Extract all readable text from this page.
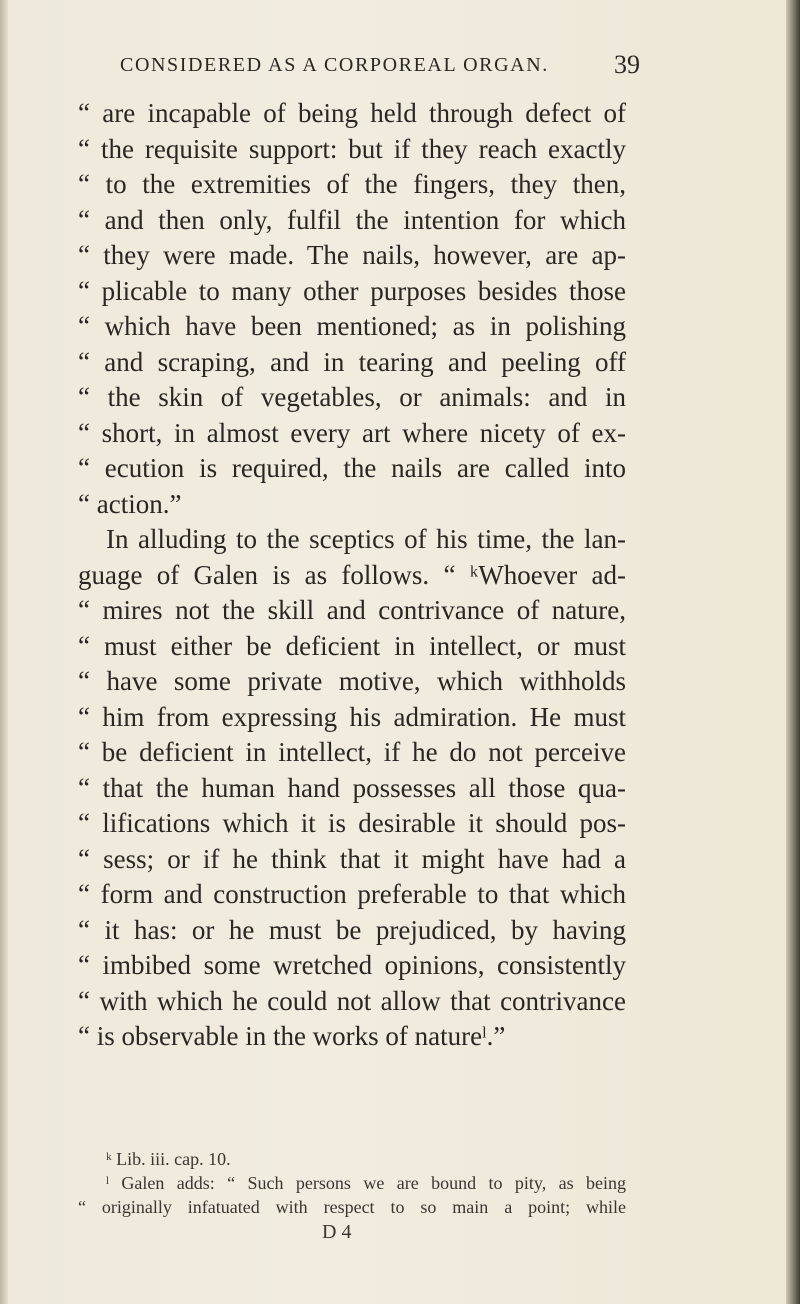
CONSIDERED AS A CORPOREAL ORGAN.	39
“ are incapable of being held through defect of
“ the requisite support: but if they reach exactly
“ to the extremities of the fingers, they then,
“ and then only, fulfil the intention for which
“ they were made. The nails, however, are ap-
“ plicable to many other purposes besides those
“ which have been mentioned; as in polishing
“ and scraping, and in tearing and peeling off
“ the skin of vegetables, or animals: and in
“ short, in almost every art where nicety of ex-
“ ecution is required, the nails are called into
“ action.”
In alluding to the sceptics of his time, the lan-
guage of Galen is as follows. “ ᵏWhoever ad-
“ mires not the skill and contrivance of nature,
“ must either be deficient in intellect, or must
“ have some private motive, which withholds
“ him from expressing his admiration. He must
“ be deficient in intellect, if he do not perceive
“ that the human hand possesses all those qua-
“ lifications which it is desirable it should pos-
“ sess; or if he think that it might have had a
“ form and construction preferable to that which
“ it has: or he must be prejudiced, by having
“ imbibed some wretched opinions, consistently
“ with which he could not allow that contrivance
“ is observable in the works of natureˡ.”
ᵏ Lib. iii. cap. 10.
ˡ Galen adds: “ Such persons we are bound to pity, as being
“ originally infatuated with respect to so main a point; while
D 4
